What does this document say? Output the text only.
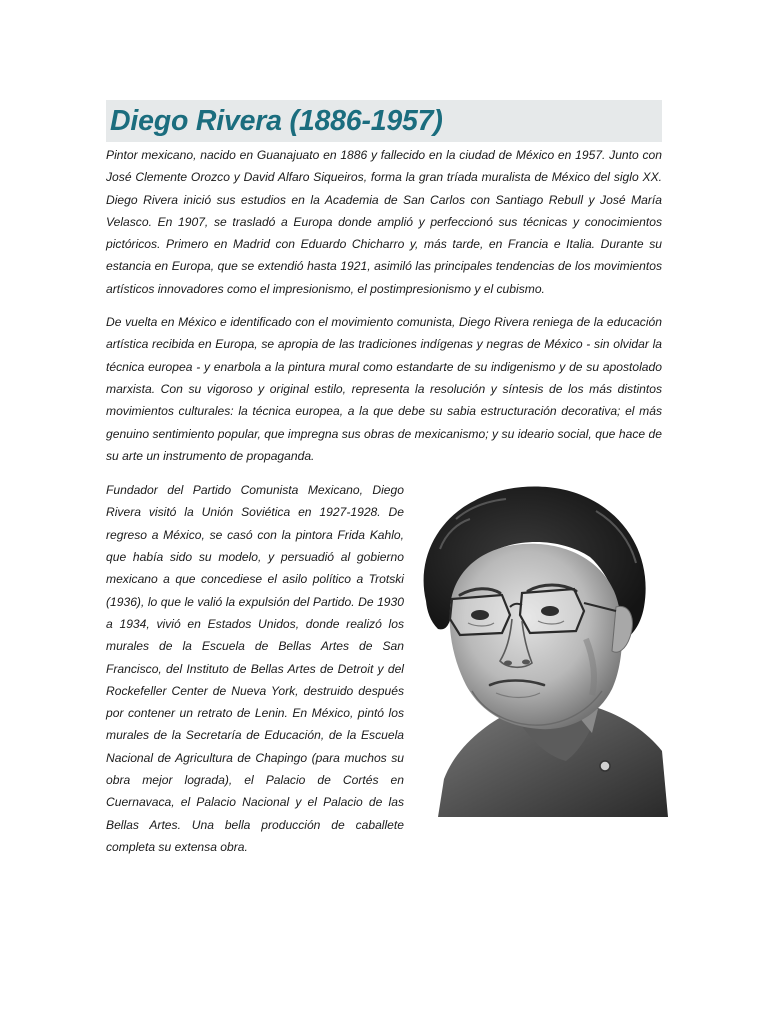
Diego Rivera (1886-1957)

Pintor mexicano, nacido en Guanajuato en 1886 y fallecido en la ciudad de México en 1957. Junto con José Clemente Orozco y David Alfaro Siqueiros, forma la gran tríada muralista de México del siglo XX. Diego Rivera inició sus estudios en la Academia de San Carlos con Santiago Rebull y José María Velasco. En 1907, se trasladó a Europa donde amplió y perfeccionó sus técnicas y conocimientos pictóricos. Primero en Madrid con Eduardo Chicharro y, más tarde, en Francia e Italia. Durante su estancia en Europa, que se extendió hasta 1921, asimiló las principales tendencias de los movimientos artísticos innovadores como el impresionismo, el postimpresionismo y el cubismo.

De vuelta en México e identificado con el movimiento comunista, Diego Rivera reniega de la educación artística recibida en Europa, se apropia de las tradiciones indígenas y negras de México - sin olvidar la técnica europea - y enarbola a la pintura mural como estandarte de su indigenismo y de su apostolado marxista. Con su vigoroso y original estilo, representa la resolución y síntesis de los más distintos movimientos culturales: la técnica europea, a la que debe su sabia estructuración decorativa; el más genuino sentimiento popular, que impregna sus obras de mexicanismo; y su ideario social, que hace de su arte un instrumento de propaganda.

Fundador del Partido Comunista Mexicano, Diego Rivera visitó la Unión Soviética en 1927-1928. De regreso a México, se casó con la pintora Frida Kahlo, que había sido su modelo, y persuadió al gobierno mexicano a que concediese el asilo político a Trotski (1936), lo que le valió la expulsión del Partido. De 1930 a 1934, vivió en Estados Unidos, donde realizó los murales de la Escuela de Bellas Artes de San Francisco, del Instituto de Bellas Artes de Detroit y del Rockefeller Center de Nueva York, destruido después por contener un retrato de Lenin. En México, pintó los murales de la Secretaría de Educación, de la Escuela Nacional de Agricultura de Chapingo (para muchos su obra mejor lograda), el Palacio de Cortés en Cuernavaca, el Palacio Nacional y el Palacio de las Bellas Artes. Una bella producción de caballete completa su extensa obra.
